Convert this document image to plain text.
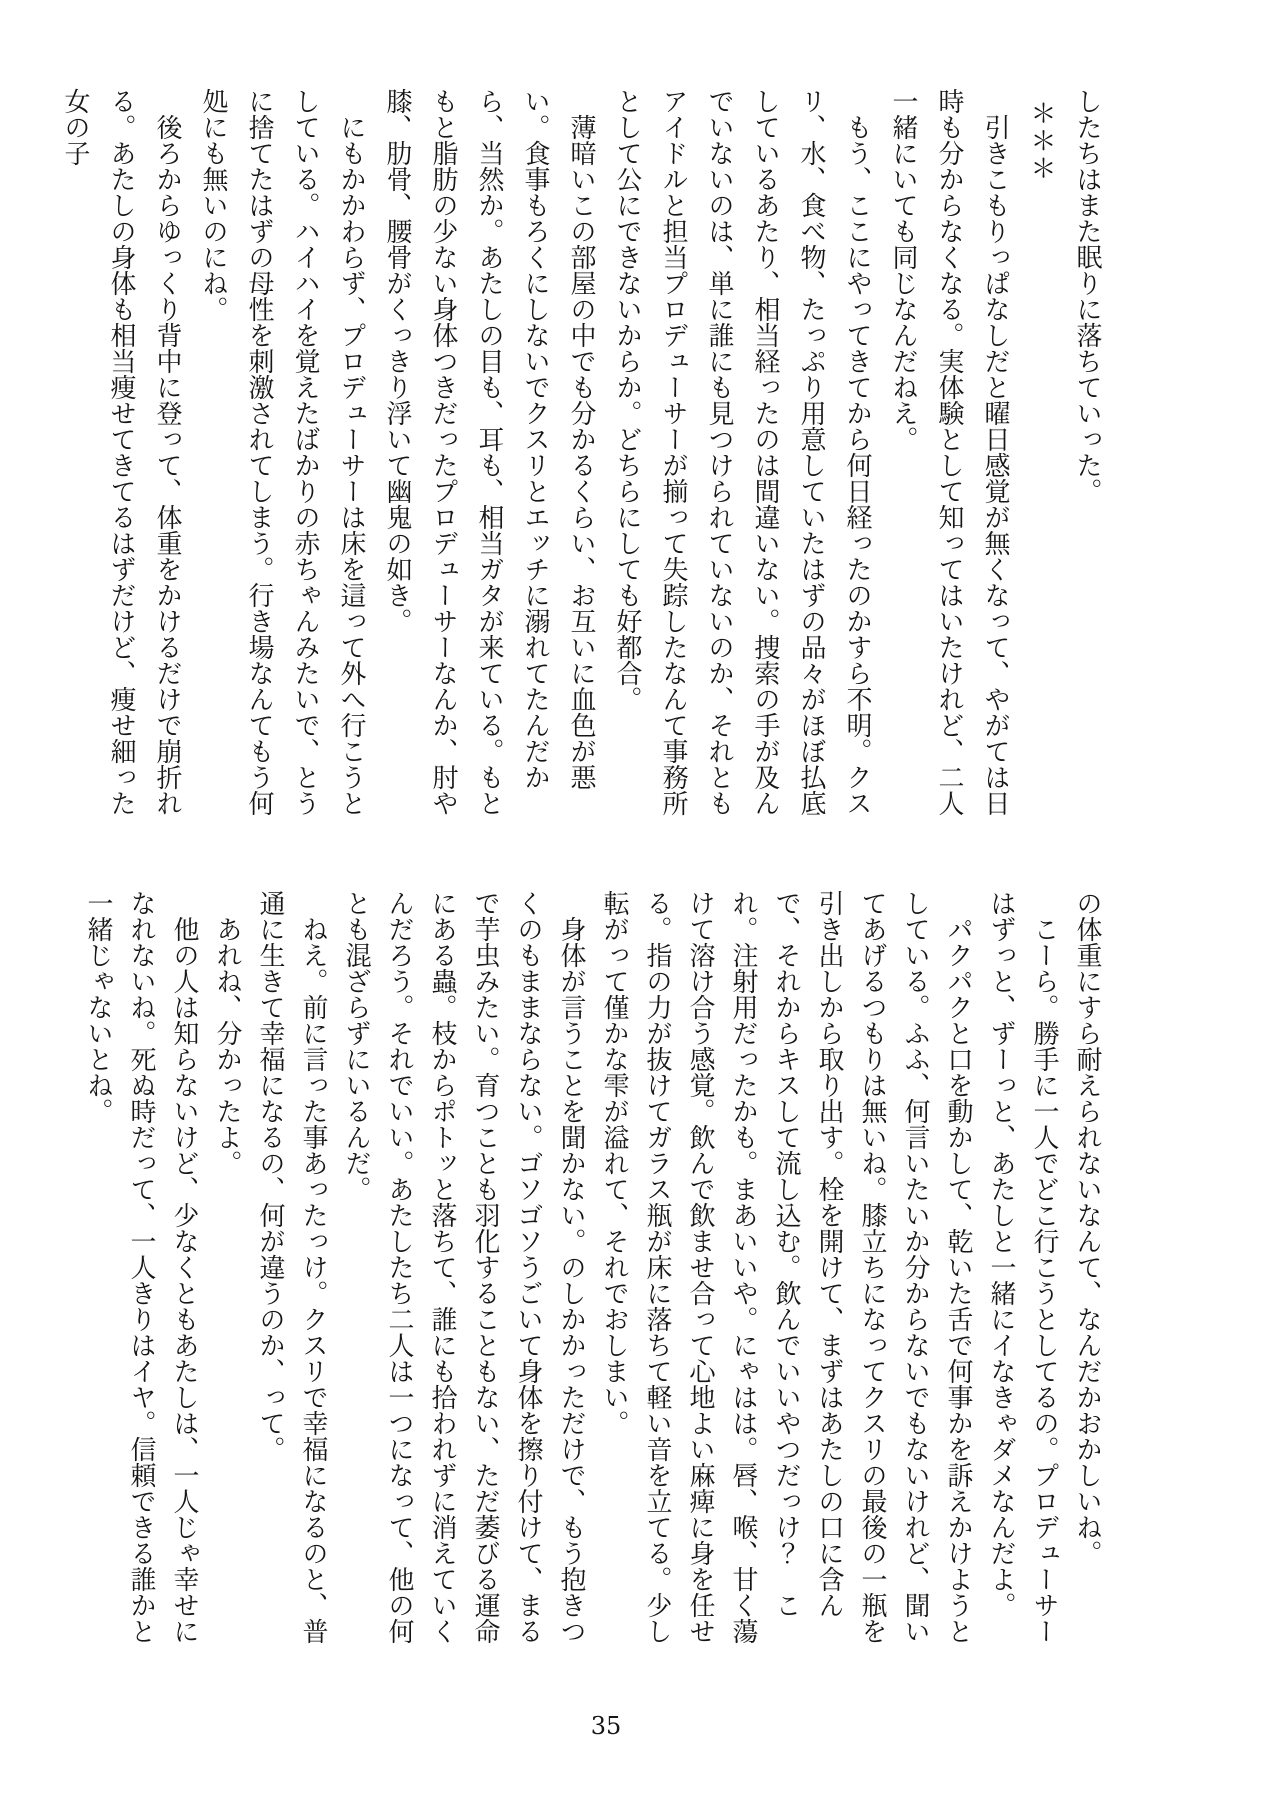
したちはまた眠りに落ちていった。

＊＊＊

引きこもりっぱなしだと曜日感覚が無くなって、やがては日時も分からなくなる。実体験として知ってはいたけれど、二人一緒にいても同じなんだねえ。

もう、ここにやってきてから何日経ったのかすら不明。クスリ、水、食べ物、たっぷり用意していたはずの品々がほぼ払底しているあたり、相当経ったのは間違いない。捜索の手が及んでいないのは、単に誰にも見つけられていないのか、それともアイドルと担当プロデューサーが揃って失踪したなんて事務所として公にできないからか。どちらにしても好都合。

薄暗いこの部屋の中でも分かるくらい、お互いに血色が悪い。食事もろくにしないでクスリとエッチに溺れてたんだから、当然か。あたしの目も、耳も、相当ガタが来ている。もともと脂肪の少ない身体つきだったプロデューサーなんか、肘や膝、肋骨、腰骨がくっきり浮いて幽鬼の如き。

にもかかわらず、プロデューサーは床を這って外へ行こうとしている。ハイハイを覚えたばかりの赤ちゃんみたいで、とうに捨てたはずの母性を刺激されてしまう。行き場なんてもう何処にも無いのにね。

後ろからゆっくり背中に登って、体重をかけるだけで崩折れる。あたしの身体も相当痩せてきてるはずだけど、痩せ細った女の子

の体重にすら耐えられないなんて、なんだかおかしいね。

こーら。勝手に一人でどこ行こうとしてるの。プロデューサーはずっと、ずーっと、あたしと一緒にイなきゃダメなんだよ。

パクパクと口を動かして、乾いた舌で何事かを訴えかけようとしている。ふふ、何言いたいか分からないでもないけれど、聞いてあげるつもりは無いね。膝立ちになってクスリの最後の一瓶を引き出しから取り出す。栓を開けて、まずはあたしの口に含んで、それからキスして流し込む。飲んでいいやつだっけ？　これ。注射用だったかも。まあいいや。にゃはは。唇、喉、甘く蕩けて溶け合う感覚。飲んで飲ませ合って心地よい麻痺に身を任せる。指の力が抜けてガラス瓶が床に落ちて軽い音を立てる。少し転がって僅かな雫が溢れて、それでおしまい。

身体が言うことを聞かない。のしかかっただけで、もう抱きつくのもままならない。ゴソゴソうごいて身体を擦り付けて、まるで芋虫みたい。育つことも羽化することもない、ただ萎びる運命にある蟲。枝からポトッと落ちて、誰にも拾われずに消えていくんだろう。それでいい。あたしたち二人は一つになって、他の何とも混ざらずにいるんだ。

ねえ。前に言った事あったっけ。クスリで幸福になるのと、普通に生きて幸福になるの、何が違うのか、って。

あれね、分かったよ。

他の人は知らないけど、少なくともあたしは、一人じゃ幸せになれないね。死ぬ時だって、一人きりはイヤ。信頼できる誰かと一緒じゃないとね。

35
